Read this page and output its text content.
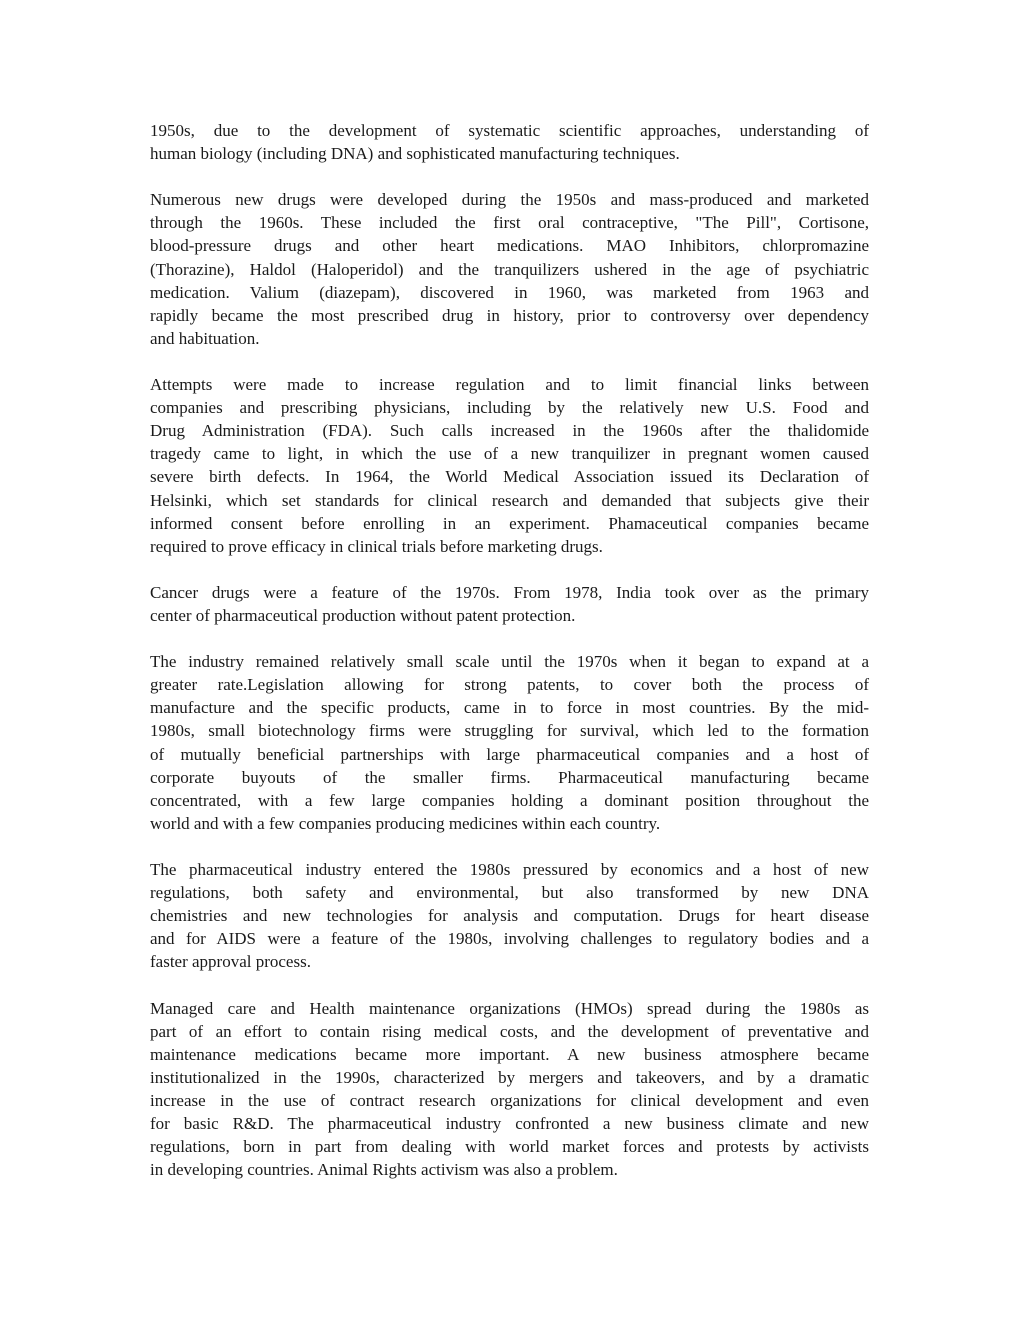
1950s, due to the development of systematic scientific approaches, understanding of
human biology (including DNA) and sophisticated manufacturing techniques.
Numerous new drugs were developed during the 1950s and mass-produced and marketed
through the 1960s. These included the first oral contraceptive, "The Pill", Cortisone,
blood-pressure drugs and other heart medications. MAO Inhibitors, chlorpromazine
(Thorazine), Haldol (Haloperidol) and the tranquilizers ushered in the age of psychiatric
medication. Valium (diazepam), discovered in 1960, was marketed from 1963 and
rapidly became the most prescribed drug in history, prior to controversy over dependency
and habituation.
Attempts were made to increase regulation and to limit financial links between
companies and prescribing physicians, including by the relatively new U.S. Food and
Drug Administration (FDA). Such calls increased in the 1960s after the thalidomide
tragedy came to light, in which the use of a new tranquilizer in pregnant women caused
severe birth defects. In 1964, the World Medical Association issued its Declaration of
Helsinki, which set standards for clinical research and demanded that subjects give their
informed consent before enrolling in an experiment. Phamaceutical companies became
required to prove efficacy in clinical trials before marketing drugs.
Cancer drugs were a feature of the 1970s. From 1978, India took over as the primary
center of pharmaceutical production without patent protection.
The industry remained relatively small scale until the 1970s when it began to expand at a
greater rate.Legislation allowing for strong patents, to cover both the process of
manufacture and the specific products, came in to force in most countries. By the mid-
1980s, small biotechnology firms were struggling for survival, which led to the formation
of mutually beneficial partnerships with large pharmaceutical companies and a host of
corporate buyouts of the smaller firms. Pharmaceutical manufacturing became
concentrated, with a few large companies holding a dominant position throughout the
world and with a few companies producing medicines within each country.
The pharmaceutical industry entered the 1980s pressured by economics and a host of new
regulations, both safety and environmental, but also transformed by new DNA
chemistries and new technologies for analysis and computation. Drugs for heart disease
and for AIDS were a feature of the 1980s, involving challenges to regulatory bodies and a
faster approval process.
Managed care and Health maintenance organizations (HMOs) spread during the 1980s as
part of an effort to contain rising medical costs, and the development of preventative and
maintenance medications became more important. A new business atmosphere became
institutionalized in the 1990s, characterized by mergers and takeovers, and by a dramatic
increase in the use of contract research organizations for clinical development and even
for basic R&D. The pharmaceutical industry confronted a new business climate and new
regulations, born in part from dealing with world market forces and protests by activists
in developing countries. Animal Rights activism was also a problem.
